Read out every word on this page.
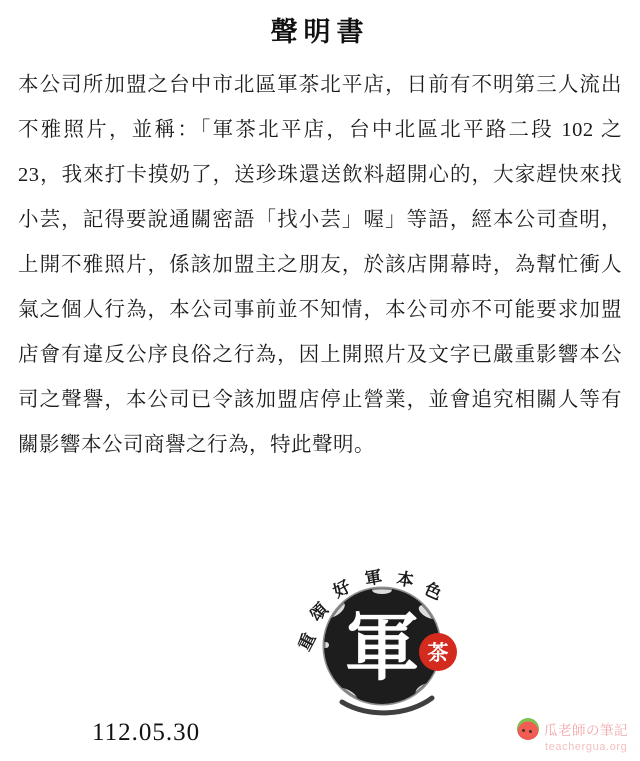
聲明書

本公司所加盟之台中市北區軍茶北平店，日前有不明第三人流出不雅照片，並稱：「軍茶北平店，台中北區北平路二段 102 之 23，我來打卡摸奶了，送珍珠還送飲料超開心的，大家趕快來找小芸，記得要說通關密語「找小芸」喔」等語，經本公司查明，上開不雅照片，係該加盟主之朋友，於該店開幕時，為幫忙衝人氣之個人行為，本公司事前並不知情，本公司亦不可能要求加盟店會有違反公序良俗之行為，因上開照片及文字已嚴重影響本公司之聲譽，本公司已令該加盟店停止營業，並會追究相關人等有關影響本公司商譽之行為，特此聲明。

重
頌
好 軍 本 色
軍 茶
112.05.30	瓜老師の筆記
teachergua.org
